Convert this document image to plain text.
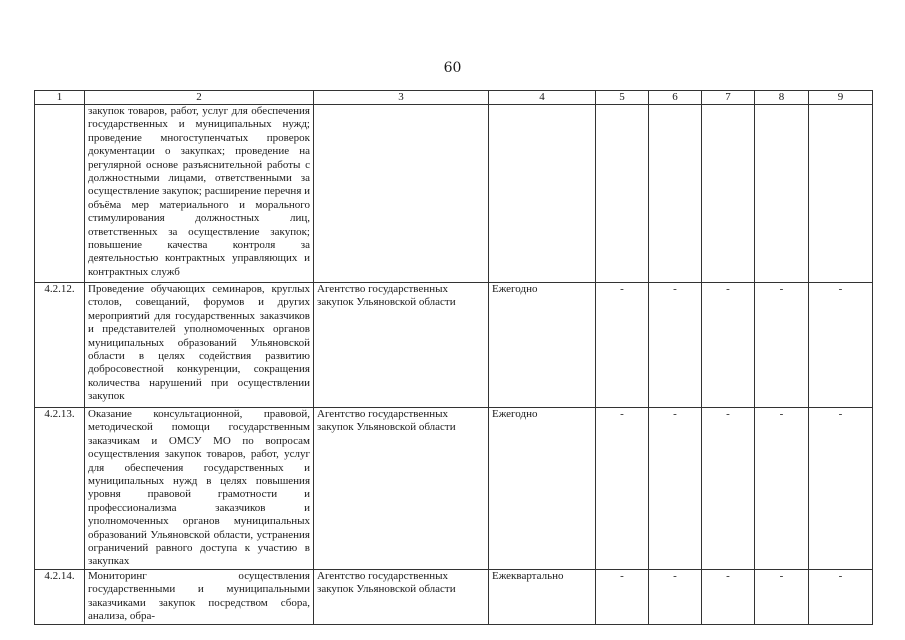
60
1	2	3	4	5	6	7	8	9
	закупок товаров, работ, услуг для обеспечения государственных и муниципальных нужд; проведение многоступенчатых проверок документации о закупках; проведение на регулярной основе разъяснительной работы с должностными лицами, ответственными за осуществление закупок; расширение перечня и объёма мер материального и морального стимулирования должностных лиц, ответственных за осуществление закупок; повышение качества контроля за деятельностью контрактных управляющих и контрактных служб							
4.2.12.	Проведение обучающих семинаров, круглых столов, совещаний, форумов и других мероприятий для государственных заказчиков и представителей уполномоченных органов муниципальных образований Ульяновской области в целях содействия развитию добросовестной конкуренции, сокращения количества нарушений при осуществлении закупок	Агентство государственных закупок Ульяновской области	Ежегодно	-	-	-	-	-
4.2.13.	Оказание консультационной, правовой, методической помощи государственным заказчикам и ОМСУ МО по вопросам осуществления закупок товаров, работ, услуг для обеспечения государственных и муниципальных нужд в целях повышения уровня правовой грамотности и профессионализма заказчиков и уполномоченных органов муниципальных образований Ульяновской области, устранения ограничений равного доступа к участию в закупках	Агентство государственных закупок Ульяновской области	Ежегодно	-	-	-	-	-
4.2.14.	Мониторинг осуществления государственными и муниципальными заказчиками закупок посредством сбора, анализа, обра-	Агентство государственных закупок Ульяновской области	Ежеквартально	-	-	-	-	-
